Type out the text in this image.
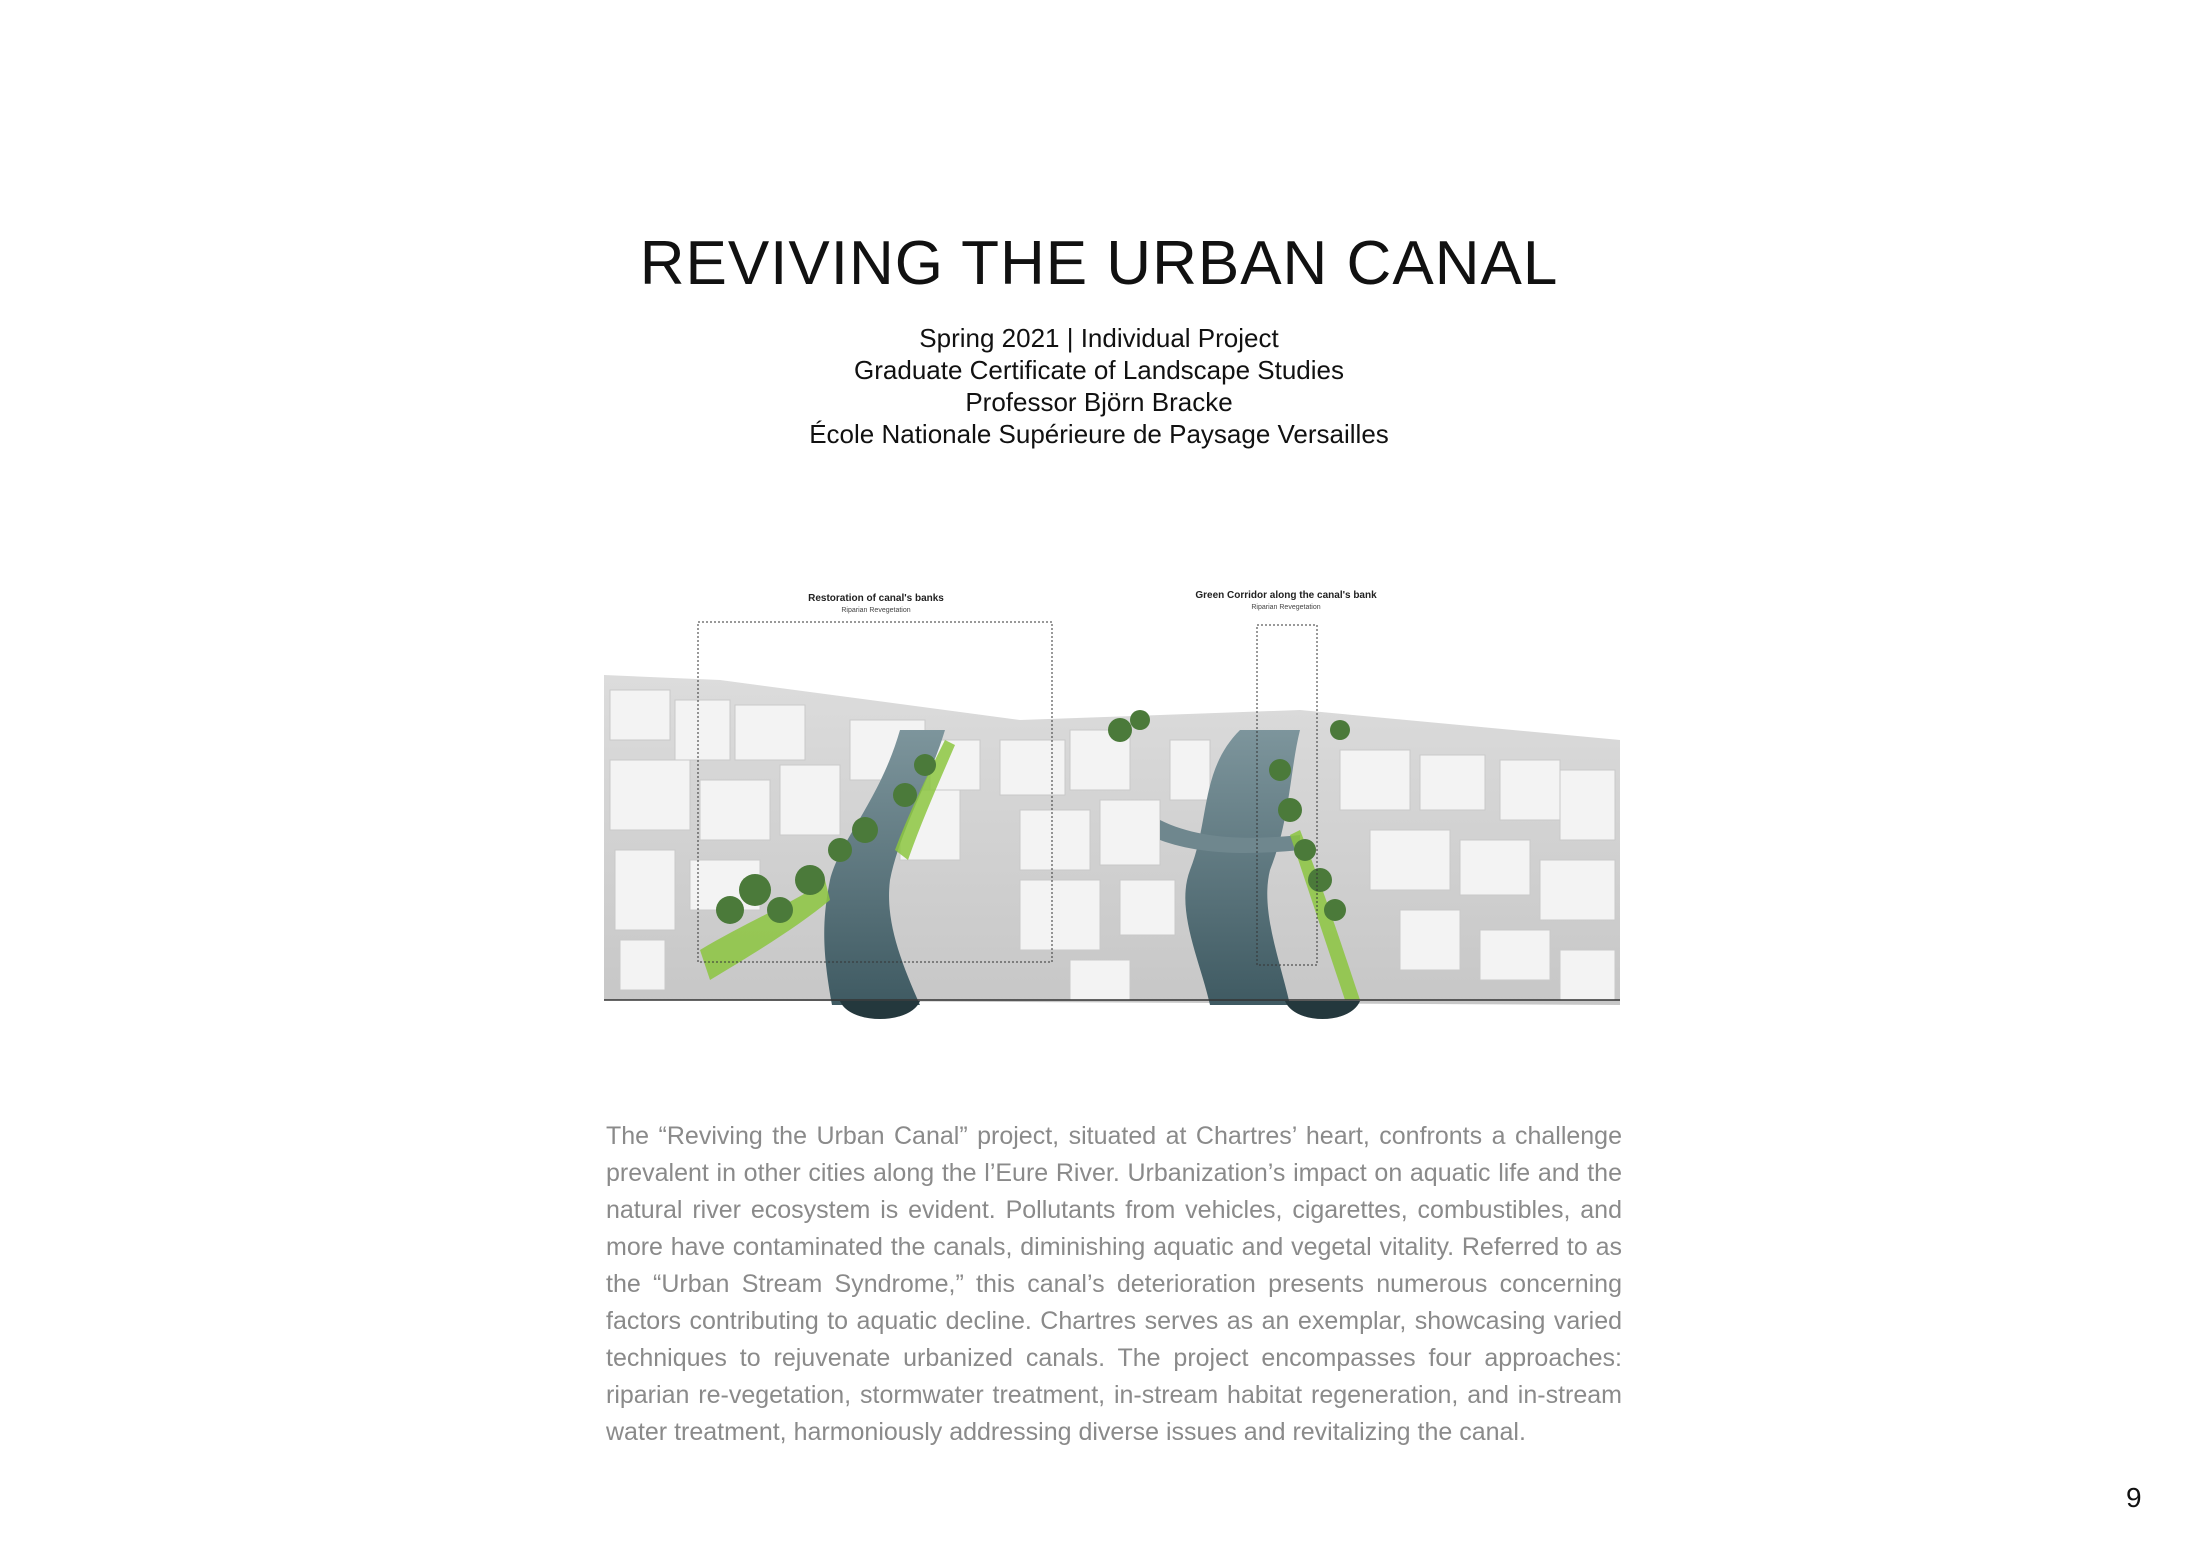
REVIVING THE URBAN CANAL
Spring 2021 | Individual Project
Graduate Certificate of Landscape Studies
Professor Björn Bracke
École Nationale Supérieure de Paysage Versailles
Restoration of canal's banks
Riparian Revegetation
Green Corridor along the canal's bank
Riparian Revegetation

The “Reviving the Urban Canal” project, situated at Chartres’ heart, confronts a challenge prevalent in other cities along the l’Eure River. Urbanization’s impact on aquatic life and the natural river ecosystem is evident. Pollutants from vehicles, cigarettes, combustibles, and more have contaminated the canals, diminishing aquatic and vegetal vitality. Referred to as the “Urban Stream Syndrome,” this canal’s deterioration presents numerous concerning factors contributing to aquatic decline. Chartres serves as an exemplar, showcasing varied techniques to rejuvenate urbanized canals. The project encompasses four approaches: riparian re-vegetation, stormwater treatment, in-stream habitat regeneration, and in-stream water treatment, harmoniously addressing diverse issues and revitalizing the canal.

9
